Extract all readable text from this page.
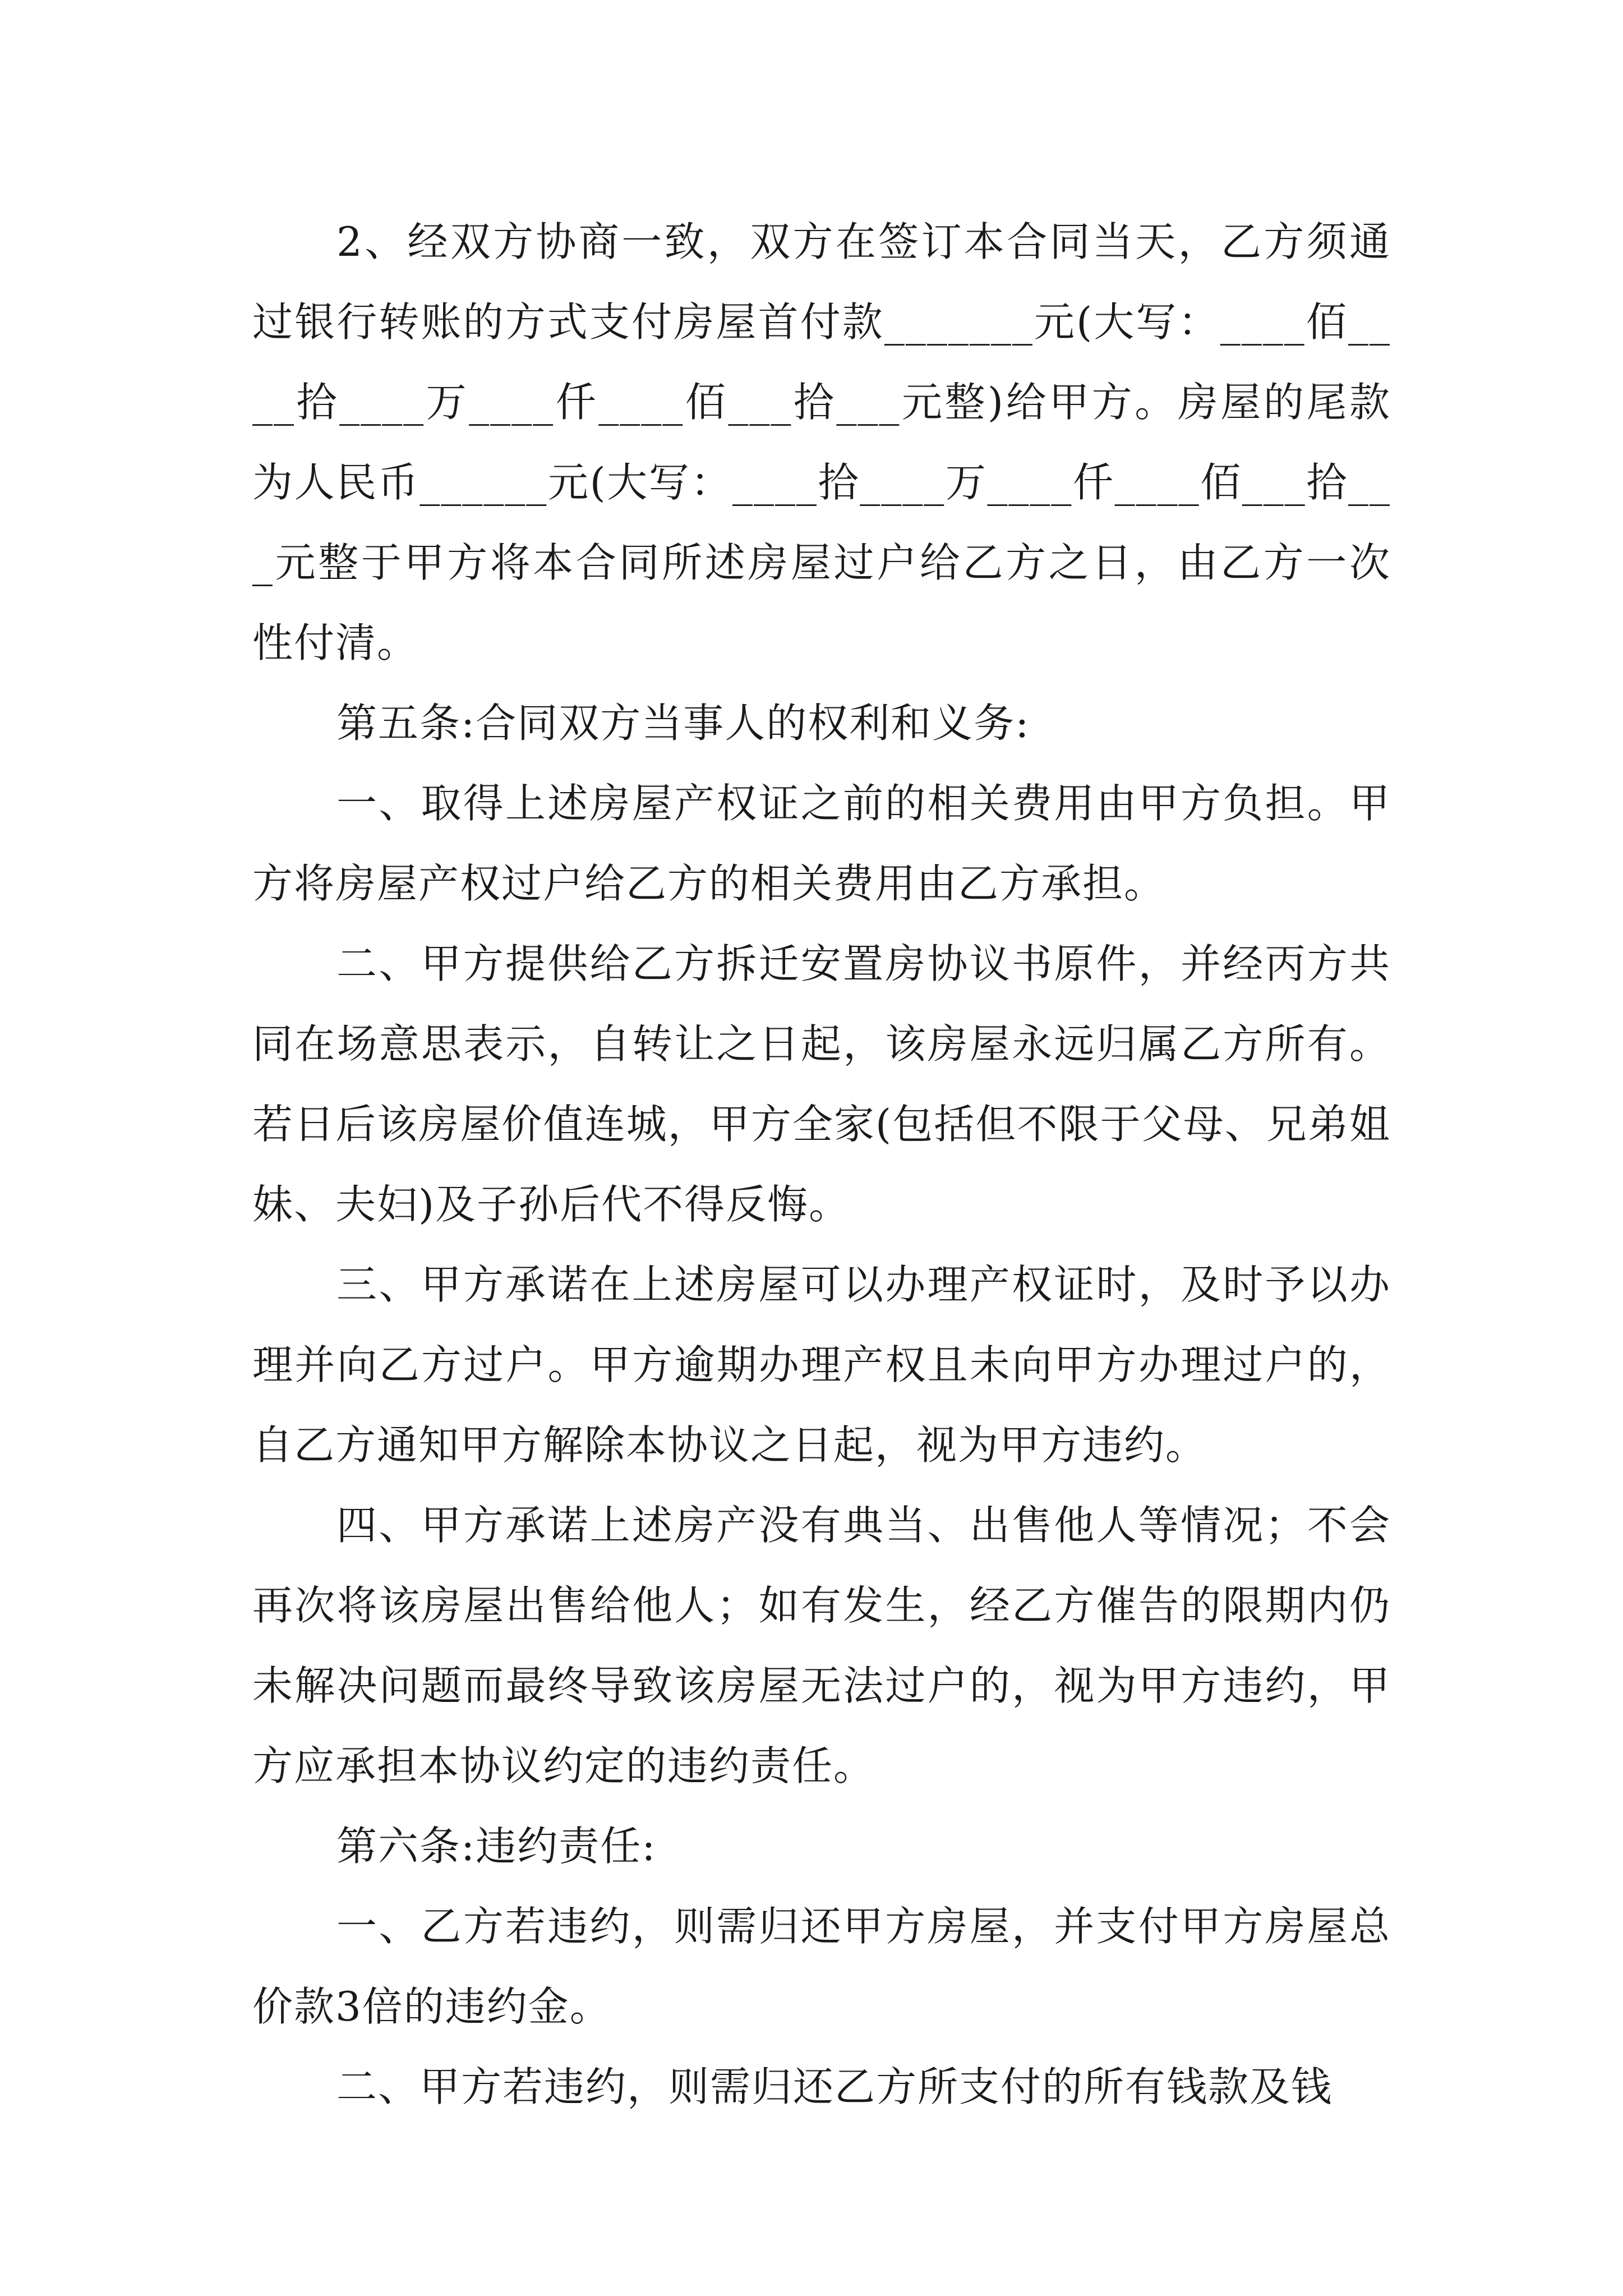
2、经双方协商一致，双方在签订本合同当天，乙方须通过银行转账的方式支付房屋首付款_______元(大写：____佰____拾____万____仟____佰___拾___元整)给甲方。房屋的尾款为人民币______元(大写：____拾____万____仟____佰___拾___元整于甲方将本合同所述房屋过户给乙方之日，由乙方一次性付清。

第五条:合同双方当事人的权利和义务:

一、取得上述房屋产权证之前的相关费用由甲方负担。甲方将房屋产权过户给乙方的相关费用由乙方承担。

二、甲方提供给乙方拆迁安置房协议书原件，并经丙方共同在场意思表示，自转让之日起，该房屋永远归属乙方所有。若日后该房屋价值连城，甲方全家(包括但不限于父母、兄弟姐妹、夫妇)及子孙后代不得反悔。

三、甲方承诺在上述房屋可以办理产权证时，及时予以办理并向乙方过户。甲方逾期办理产权且未向甲方办理过户的，自乙方通知甲方解除本协议之日起，视为甲方违约。

四、甲方承诺上述房产没有典当、出售他人等情况；不会再次将该房屋出售给他人；如有发生，经乙方催告的限期内仍未解决问题而最终导致该房屋无法过户的，视为甲方违约，甲方应承担本协议约定的违约责任。

第六条:违约责任:

一、乙方若违约，则需归还甲方房屋，并支付甲方房屋总价款3倍的违约金。

二、甲方若违约，则需归还乙方所支付的所有钱款及钱
